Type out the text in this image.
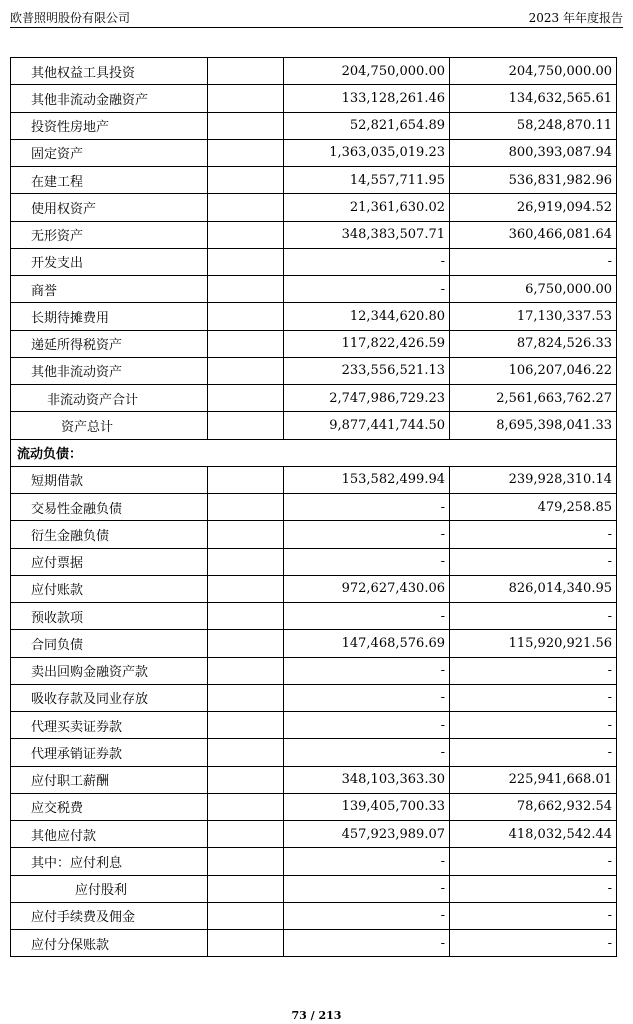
欧普照明股份有限公司	2023 年年度报告
其他权益工具投资		204,750,000.00	204,750,000.00
其他非流动金融资产		133,128,261.46	134,632,565.61
投资性房地产		52,821,654.89	58,248,870.11
固定资产		1,363,035,019.23	800,393,087.94
在建工程		14,557,711.95	536,831,982.96
使用权资产		21,361,630.02	26,919,094.52
无形资产		348,383,507.71	360,466,081.64
开发支出		-	-
商誉		-	6,750,000.00
长期待摊费用		12,344,620.80	17,130,337.53
递延所得税资产		117,822,426.59	87,824,526.33
其他非流动资产		233,556,521.13	106,207,046.22
非流动资产合计		2,747,986,729.23	2,561,663,762.27
资产总计		9,877,441,744.50	8,695,398,041.33
流动负债：			
短期借款		153,582,499.94	239,928,310.14
交易性金融负债		-	479,258.85
衍生金融负债		-	-
应付票据		-	-
应付账款		972,627,430.06	826,014,340.95
预收款项		-	-
合同负债		147,468,576.69	115,920,921.56
卖出回购金融资产款		-	-
吸收存款及同业存放		-	-
代理买卖证券款		-	-
代理承销证券款		-	-
应付职工薪酬		348,103,363.30	225,941,668.01
应交税费		139,405,700.33	78,662,932.54
其他应付款		457,923,989.07	418,032,542.44
其中：应付利息		-	-
应付股利		-	-
应付手续费及佣金		-	-
应付分保账款		-	-
73 / 213
